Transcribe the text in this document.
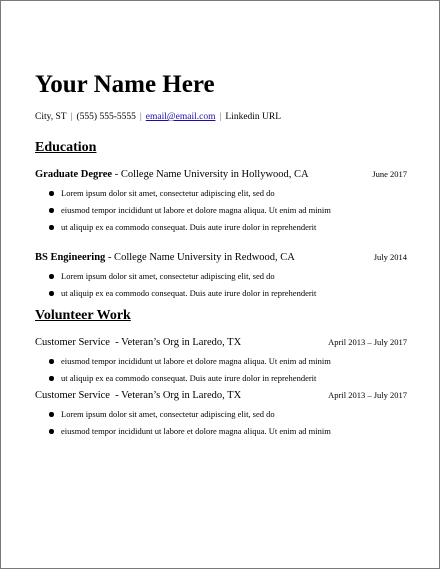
Your Name Here
City, ST | (555) 555-5555 | email@email.com | Linkedin URL
Education
Graduate Degree - College Name University in Hollywood, CA	June 2017
Lorem ipsum dolor sit amet, consectetur adipiscing elit, sed do
eiusmod tempor incididunt ut labore et dolore magna aliqua. Ut enim ad minim
ut aliquip ex ea commodo consequat. Duis aute irure dolor in reprehenderit
BS Engineering - College Name University in Redwood, CA	July 2014
Lorem ipsum dolor sit amet, consectetur adipiscing elit, sed do
ut aliquip ex ea commodo consequat. Duis aute irure dolor in reprehenderit
Volunteer Work
Customer Service  - Veteran’s Org in Laredo, TX	April 2013 – July 2017
eiusmod tempor incididunt ut labore et dolore magna aliqua. Ut enim ad minim
ut aliquip ex ea commodo consequat. Duis aute irure dolor in reprehenderit
Customer Service  - Veteran’s Org in Laredo, TX	April 2013 – July 2017
Lorem ipsum dolor sit amet, consectetur adipiscing elit, sed do
eiusmod tempor incididunt ut labore et dolore magna aliqua. Ut enim ad minim
